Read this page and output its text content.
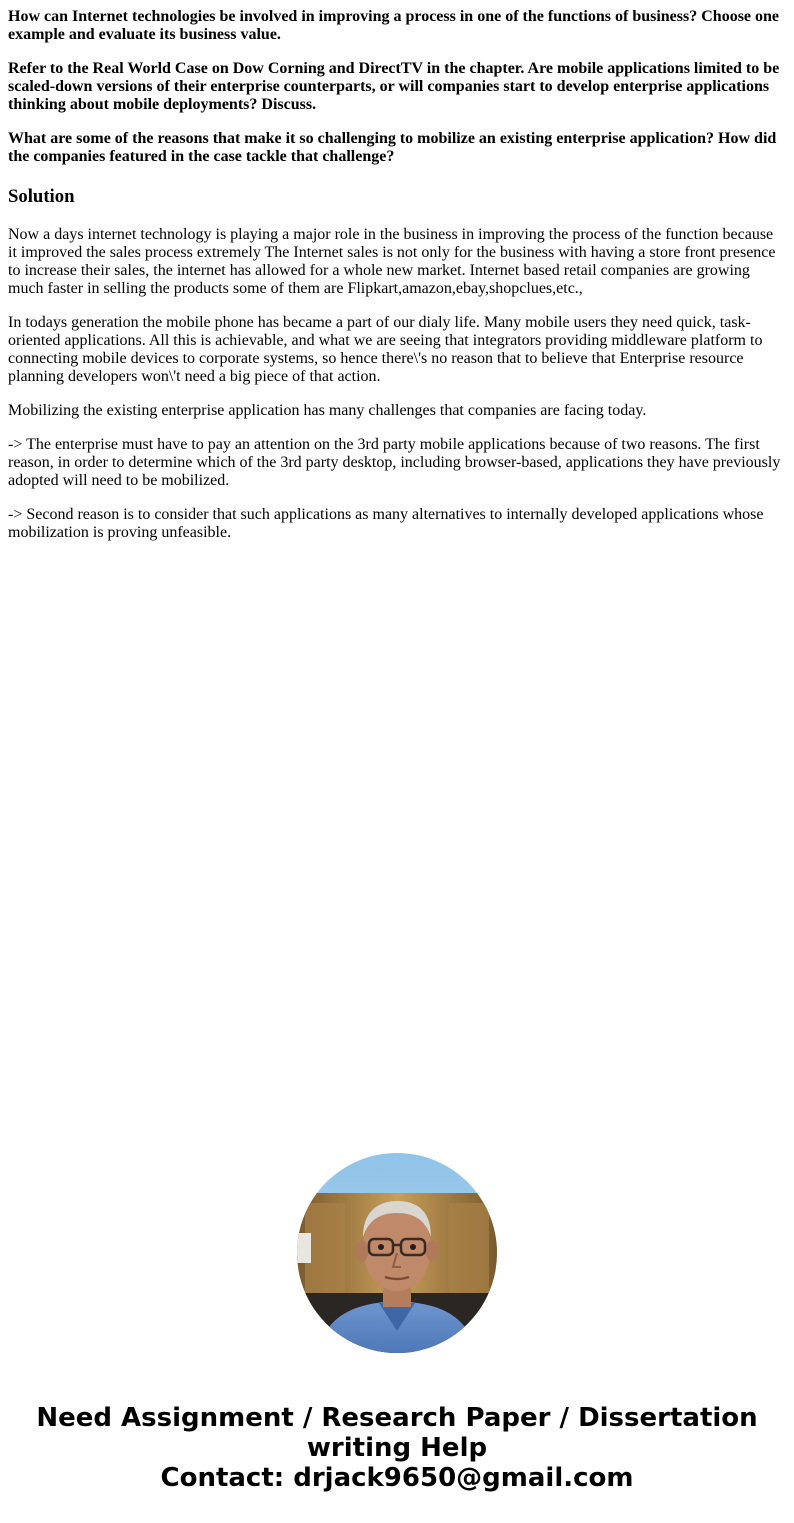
How can Internet technologies be involved in improving a process in one of the functions of business? Choose one example and evaluate its business value.

Refer to the Real World Case on Dow Corning and DirectTV in the chapter. Are mobile applications limited to be scaled-down versions of their enterprise counterparts, or will companies start to develop enterprise applications thinking about mobile deployments? Discuss.

What are some of the reasons that make it so challenging to mobilize an existing enterprise application? How did the companies featured in the case tackle that challenge?

Solution

Now a days internet technology is playing a major role in the business in improving the process of the function because it improved the sales process extremely The Internet sales is not only for the business with having a store front presence to increase their sales, the internet has allowed for a whole new market. Internet based retail companies are growing much faster in selling the products some of them are Flipkart,amazon,ebay,shopclues,etc.,

In todays generation the mobile phone has became a part of our dialy life. Many mobile users they need quick, task-oriented applications. All this is achievable, and what we are seeing that integrators providing middleware platform to connecting mobile devices to corporate systems, so hence there\'s no reason that to believe that Enterprise resource planning developers won\'t need a big piece of that action.

Mobilizing the existing enterprise application has many challenges that companies are facing today.

-> The enterprise must have to pay an attention on the 3rd party mobile applications because of two reasons. The first reason, in order to determine which of the 3rd party desktop, including browser-based, applications they have previously adopted will need to be mobilized.

-> Second reason is to consider that such applications as many alternatives to internally developed applications whose mobilization is proving unfeasible.

Need Assignment / Research Paper / Dissertation
writing Help
Contact: drjack9650@gmail.com
